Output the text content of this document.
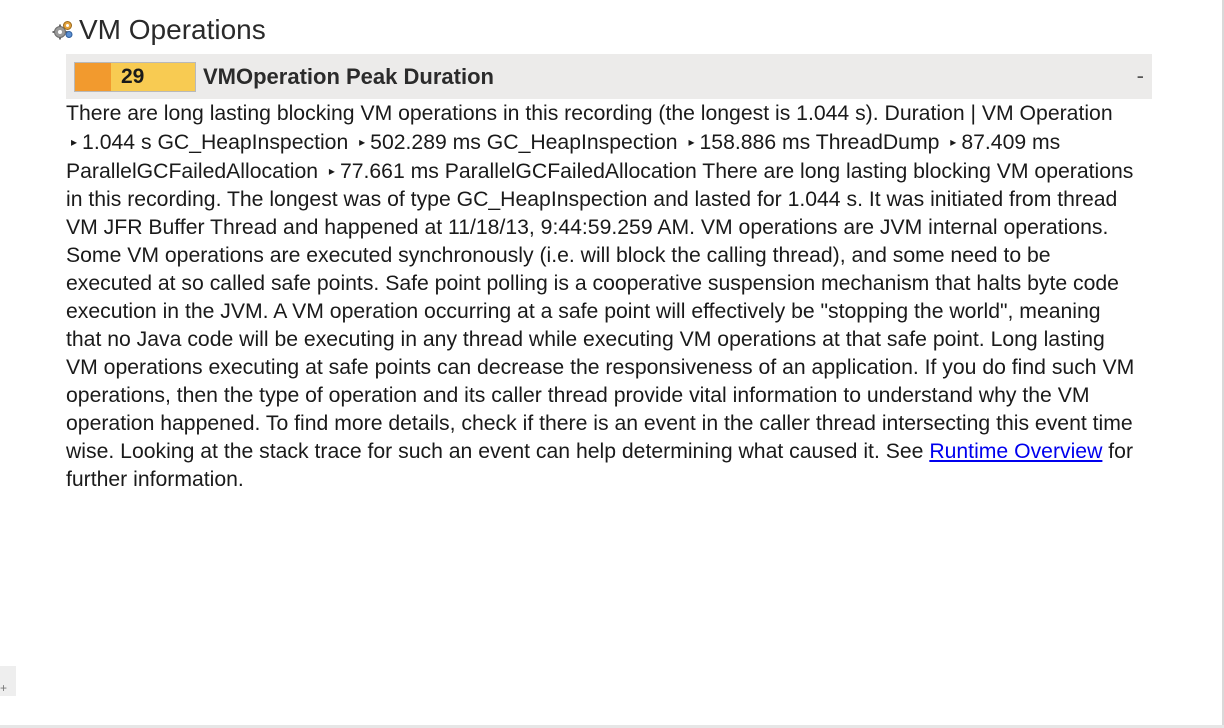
VM Operations
29	VMOperation Peak Duration	-
There are long lasting blocking VM operations in this recording (the longest is 1.044 s). Duration | VM Operation ▸ 1.044 s GC_HeapInspection ▸ 502.289 ms GC_HeapInspection ▸ 158.886 ms ThreadDump ▸ 87.409 ms ParallelGCFailedAllocation ▸ 77.661 ms ParallelGCFailedAllocation There are long lasting blocking VM operations in this recording. The longest was of type GC_HeapInspection and lasted for 1.044 s. It was initiated from thread VM JFR Buffer Thread and happened at 11/18/13, 9:44:59.259 AM. VM operations are JVM internal operations. Some VM operations are executed synchronously (i.e. will block the calling thread), and some need to be executed at so called safe points. Safe point polling is a cooperative suspension mechanism that halts byte code execution in the JVM. A VM operation occurring at a safe point will effectively be "stopping the world", meaning that no Java code will be executing in any thread while executing VM operations at that safe point. Long lasting VM operations executing at safe points can decrease the responsiveness of an application. If you do find such VM operations, then the type of operation and its caller thread provide vital information to understand why the VM operation happened. To find more details, check if there is an event in the caller thread intersecting this event time wise. Looking at the stack trace for such an event can help determining what caused it. See Runtime Overview for further information.
+
